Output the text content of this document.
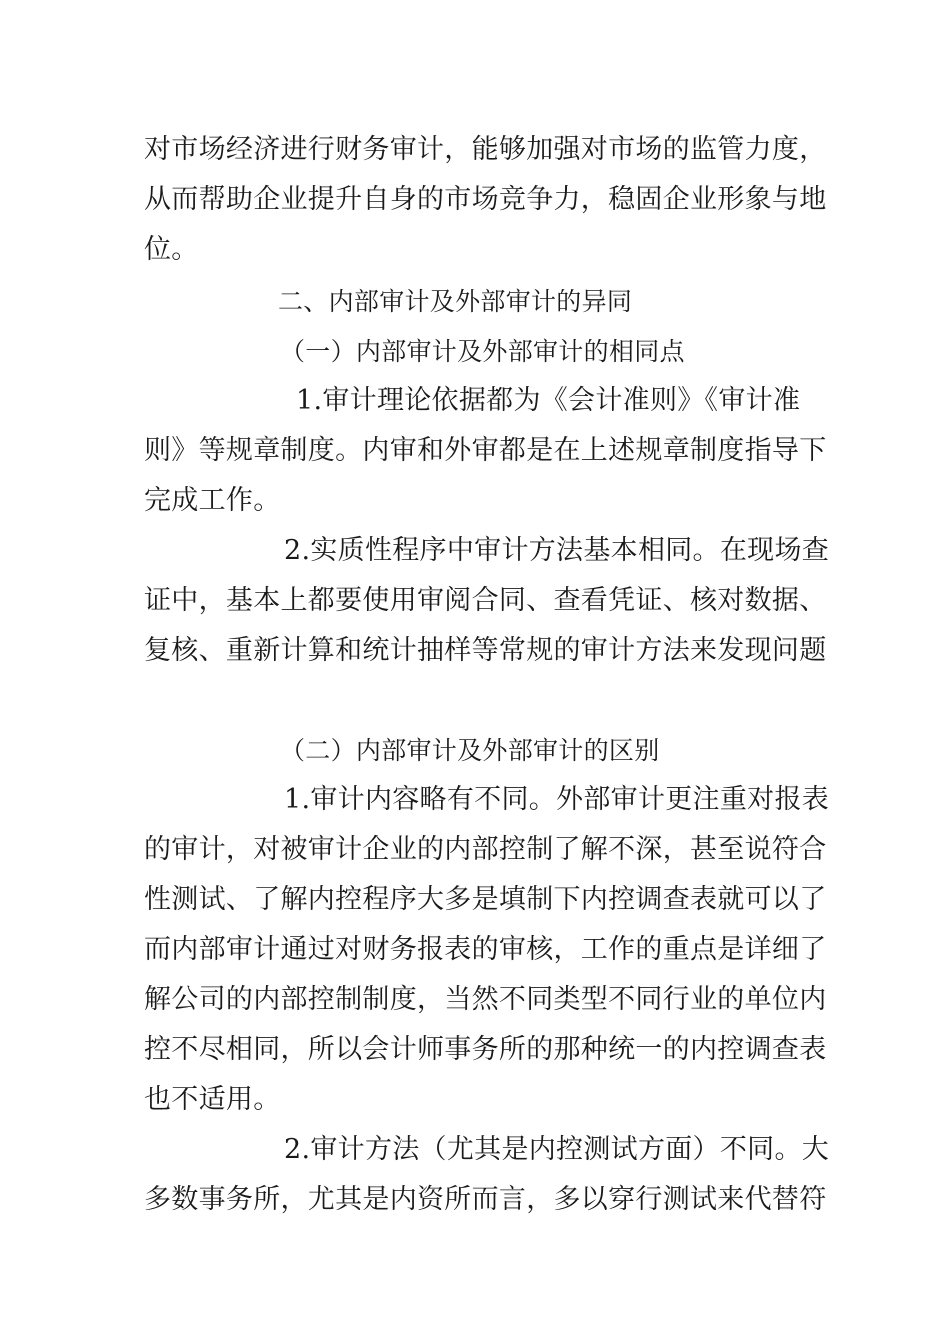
对市场经济进行财务审计，能够加强对市场的监管力度，
从而帮助企业提升自身的市场竞争力，稳固企业形象与地
位。
二、内部审计及外部审计的异同
（一）内部审计及外部审计的相同点
1.审计理论依据都为《会计准则》《审计准
则》等规章制度。内审和外审都是在上述规章制度指导下
完成工作。
2.实质性程序中审计方法基本相同。在现场查
证中，基本上都要使用审阅合同、查看凭证、核对数据、
复核、重新计算和统计抽样等常规的审计方法来发现问题
（二）内部审计及外部审计的区别
1.审计内容略有不同。外部审计更注重对报表
的审计，对被审计企业的内部控制了解不深，甚至说符合
性测试、了解内控程序大多是填制下内控调查表就可以了
而内部审计通过对财务报表的审核，工作的重点是详细了
解公司的内部控制制度，当然不同类型不同行业的单位内
控不尽相同，所以会计师事务所的那种统一的内控调查表
也不适用。
2.审计方法（尤其是内控测试方面）不同。大
多数事务所，尤其是内资所而言，多以穿行测试来代替符
